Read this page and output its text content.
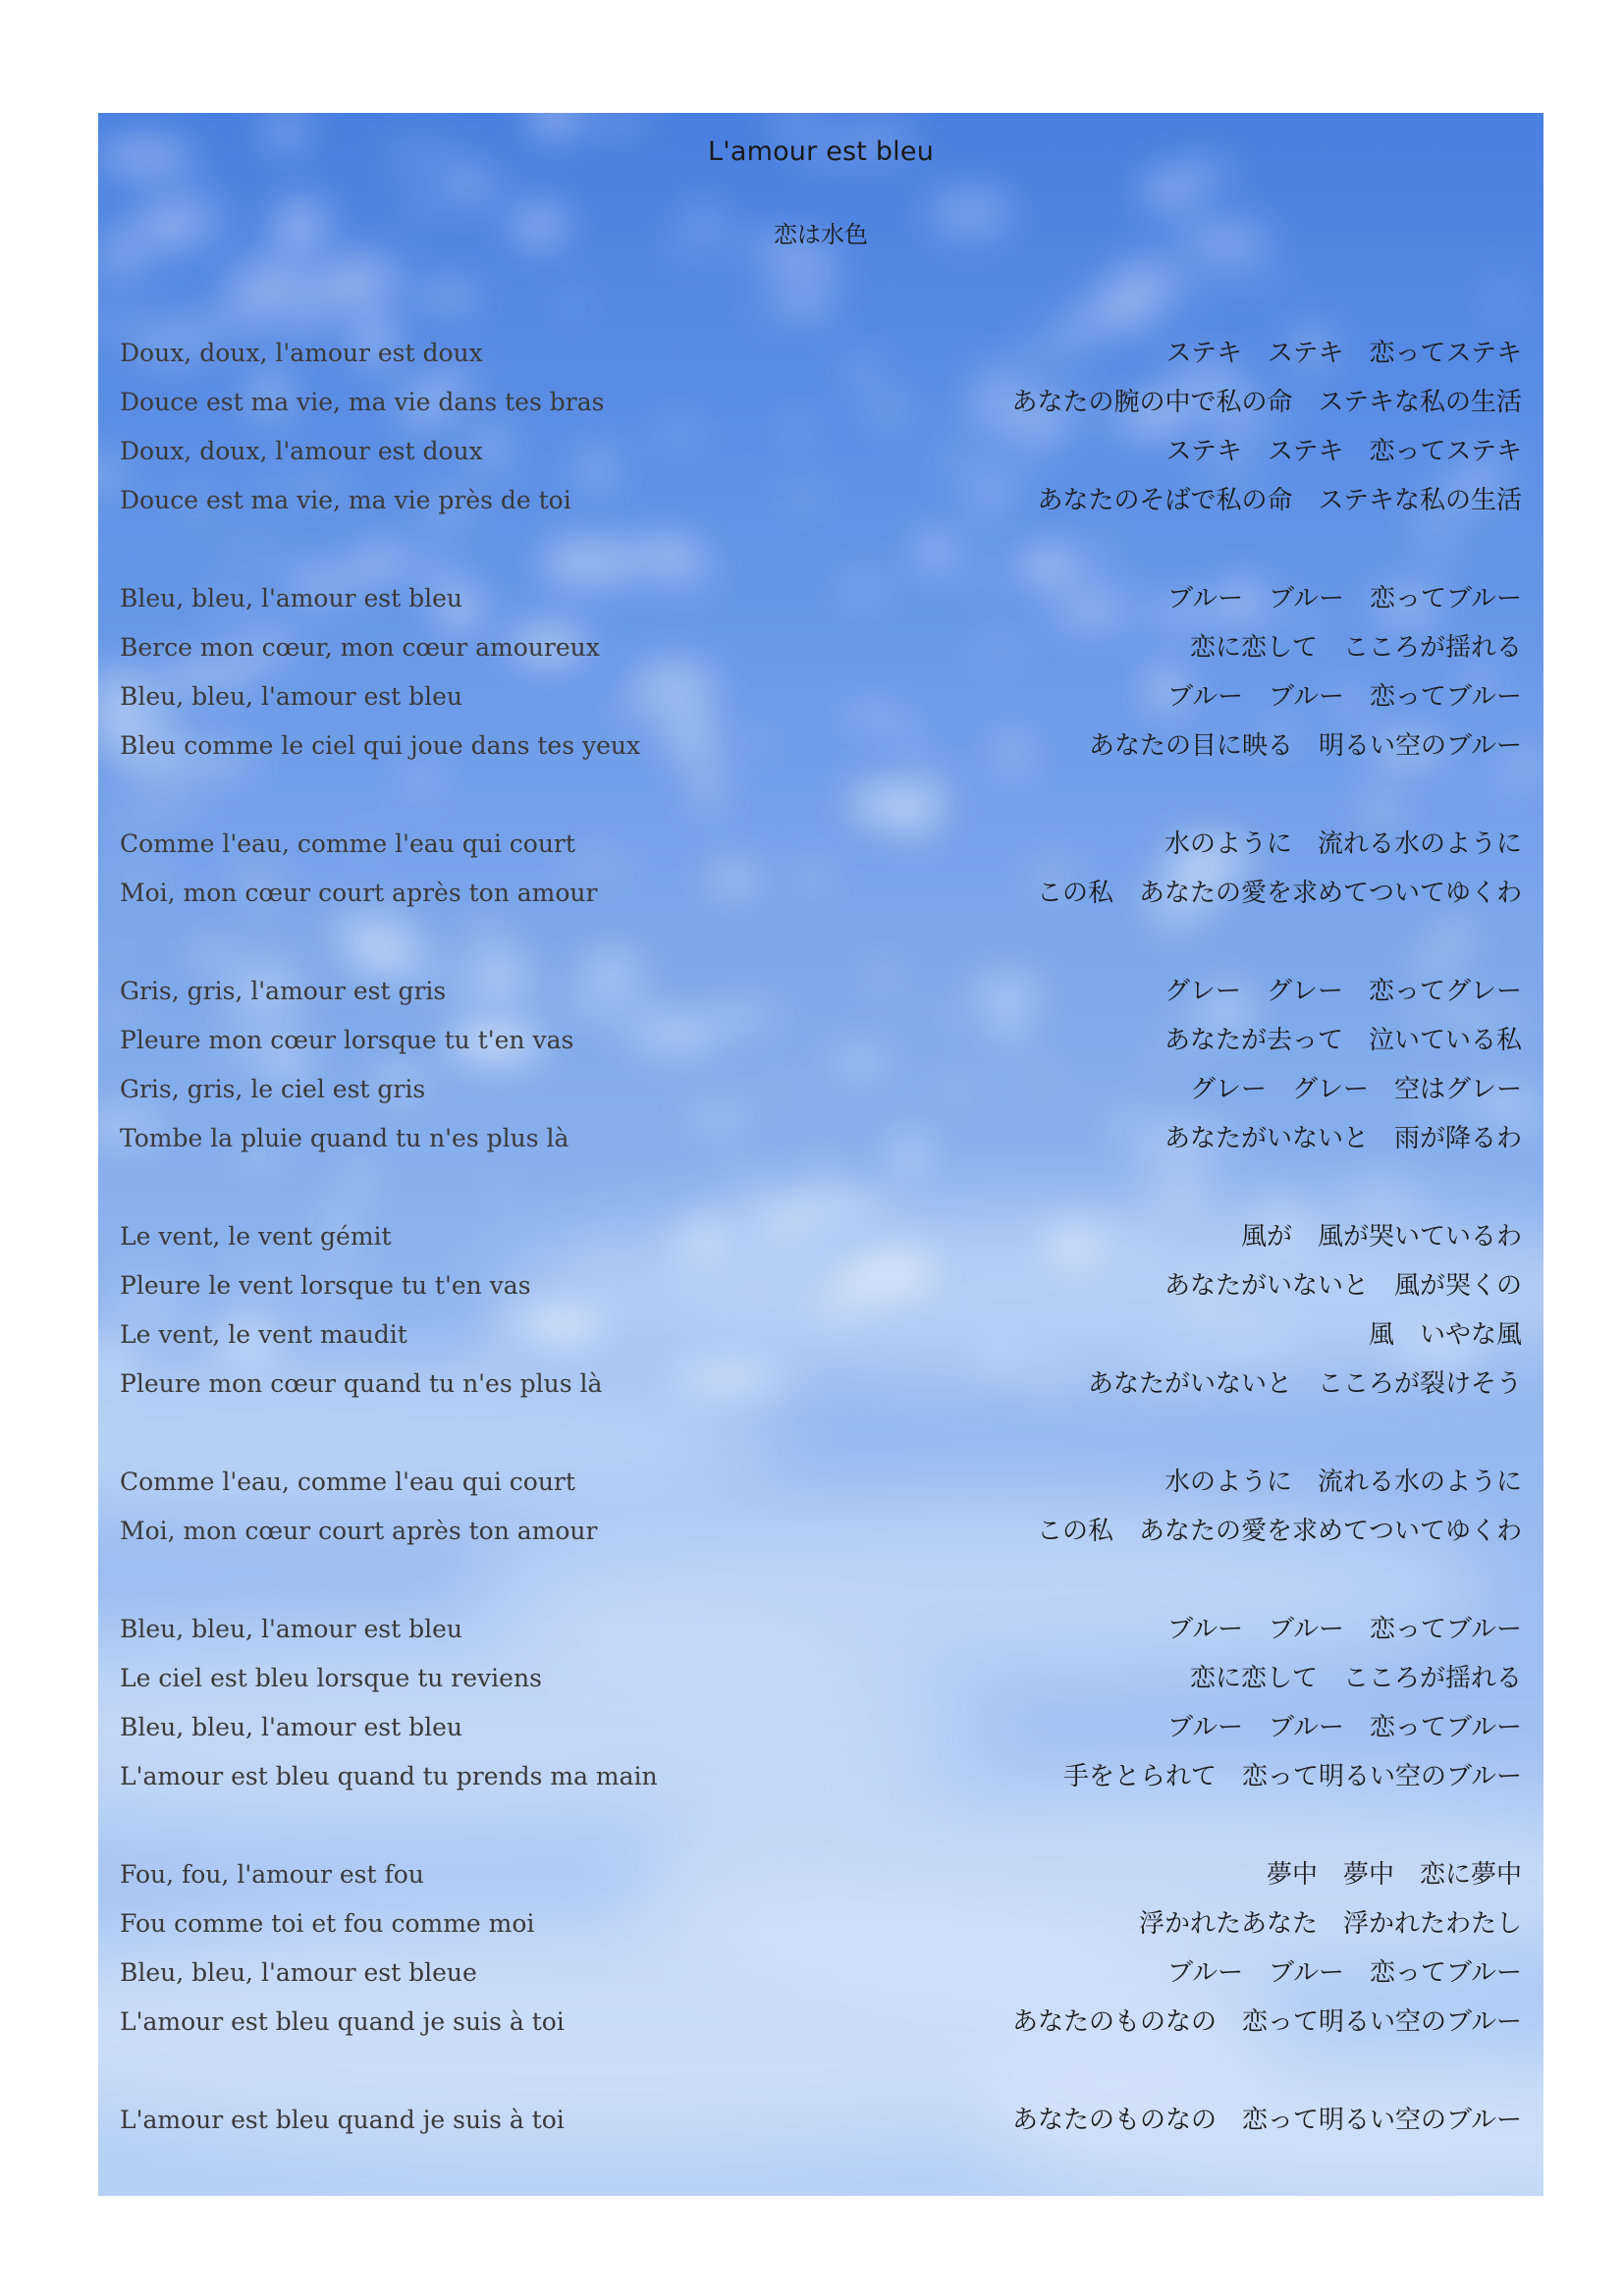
L'amour est bleu
恋は水色
Doux, doux, l'amour est doux	ステキ　ステキ　恋ってステキ
Douce est ma vie, ma vie dans tes bras	あなたの腕の中で私の命　ステキな私の生活
Doux, doux, l'amour est doux	ステキ　ステキ　恋ってステキ
Douce est ma vie, ma vie près de toi	あなたのそばで私の命　ステキな私の生活
Bleu, bleu, l'amour est bleu	ブルー　ブルー　恋ってブルー
Berce mon cœur, mon cœur amoureux	恋に恋して　こころが揺れる
Bleu, bleu, l'amour est bleu	ブルー　ブルー　恋ってブルー
Bleu comme le ciel qui joue dans tes yeux	あなたの目に映る　明るい空のブルー
Comme l'eau, comme l'eau qui court	水のように　流れる水のように
Moi, mon cœur court après ton amour	この私　あなたの愛を求めてついてゆくわ
Gris, gris, l'amour est gris	グレー　グレー　恋ってグレー
Pleure mon cœur lorsque tu t'en vas	あなたが去って　泣いている私
Gris, gris, le ciel est gris	グレー　グレー　空はグレー
Tombe la pluie quand tu n'es plus là	あなたがいないと　雨が降るわ
Le vent, le vent gémit	風が　風が哭いているわ
Pleure le vent lorsque tu t'en vas	あなたがいないと　風が哭くの
Le vent, le vent maudit	風　いやな風
Pleure mon cœur quand tu n'es plus là	あなたがいないと　こころが裂けそう
Comme l'eau, comme l'eau qui court	水のように　流れる水のように
Moi, mon cœur court après ton amour	この私　あなたの愛を求めてついてゆくわ
Bleu, bleu, l'amour est bleu	ブルー　ブルー　恋ってブルー
Le ciel est bleu lorsque tu reviens	恋に恋して　こころが揺れる
Bleu, bleu, l'amour est bleu	ブルー　ブルー　恋ってブルー
L'amour est bleu quand tu prends ma main	手をとられて　恋って明るい空のブルー
Fou, fou, l'amour est fou	夢中　夢中　恋に夢中
Fou comme toi et fou comme moi	浮かれたあなた　浮かれたわたし
Bleu, bleu, l'amour est bleue	ブルー　ブルー　恋ってブルー
L'amour est bleu quand je suis à toi	あなたのものなの　恋って明るい空のブルー
L'amour est bleu quand je suis à toi	あなたのものなの　恋って明るい空のブルー
